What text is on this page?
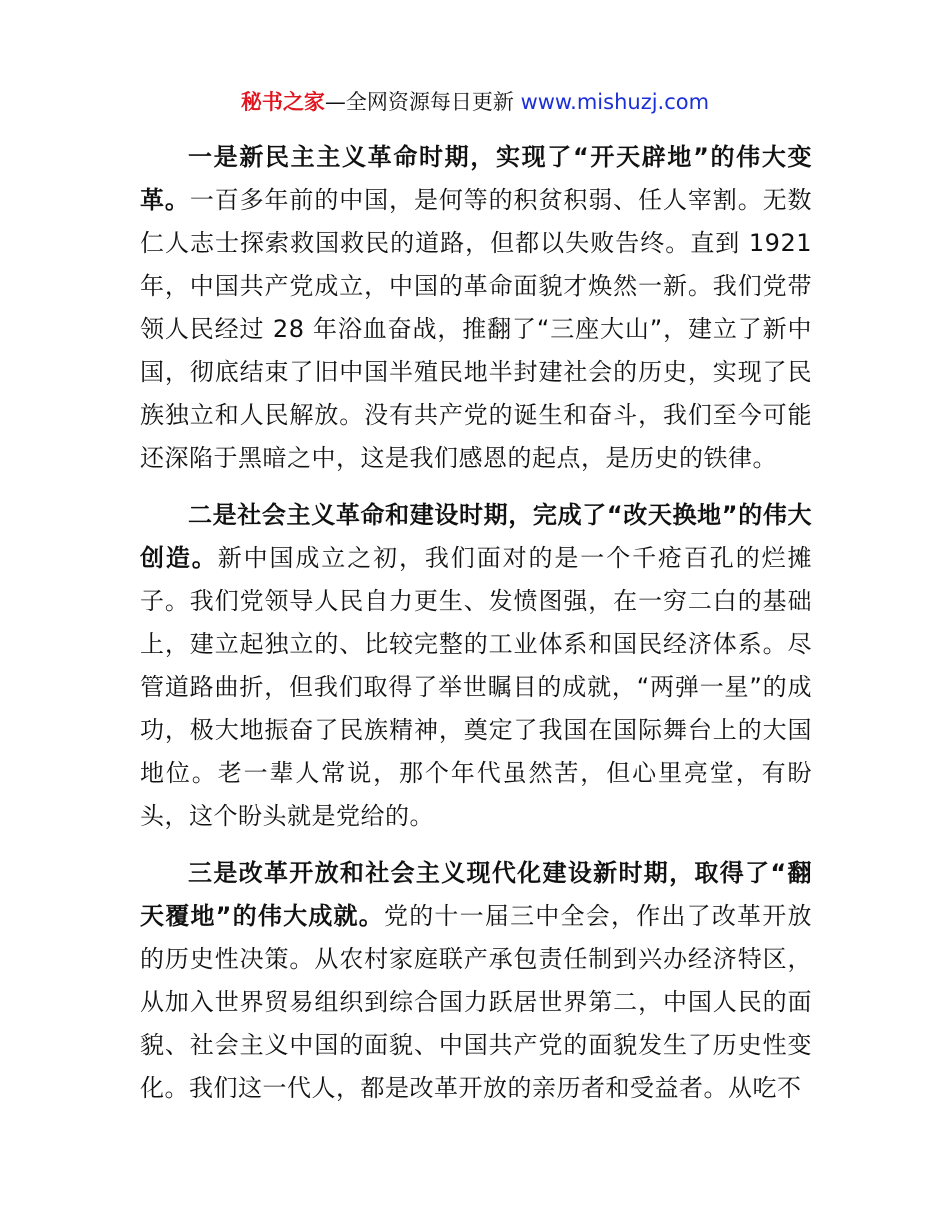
秘书之家—全网资源每日更新 www.mishuzj.com

一是新民主主义革命时期，实现了“开天辟地”的伟大变革。一百多年前的中国，是何等的积贫积弱、任人宰割。无数仁人志士探索救国救民的道路，但都以失败告终。直到 1921 年，中国共产党成立，中国的革命面貌才焕然一新。我们党带领人民经过 28 年浴血奋战，推翻了“三座大山”，建立了新中国，彻底结束了旧中国半殖民地半封建社会的历史，实现了民族独立和人民解放。没有共产党的诞生和奋斗，我们至今可能还深陷于黑暗之中，这是我们感恩的起点，是历史的铁律。

二是社会主义革命和建设时期，完成了“改天换地”的伟大创造。新中国成立之初，我们面对的是一个千疮百孔的烂摊子。我们党领导人民自力更生、发愤图强，在一穷二白的基础上，建立起独立的、比较完整的工业体系和国民经济体系。尽管道路曲折，但我们取得了举世瞩目的成就，“两弹一星”的成功，极大地振奋了民族精神，奠定了我国在国际舞台上的大国地位。老一辈人常说，那个年代虽然苦，但心里亮堂，有盼头，这个盼头就是党给的。

三是改革开放和社会主义现代化建设新时期，取得了“翻天覆地”的伟大成就。党的十一届三中全会，作出了改革开放的历史性决策。从农村家庭联产承包责任制到兴办经济特区，从加入世界贸易组织到综合国力跃居世界第二，中国人民的面貌、社会主义中国的面貌、中国共产党的面貌发生了历史性变化。我们这一代人，都是改革开放的亲历者和受益者。从吃不
